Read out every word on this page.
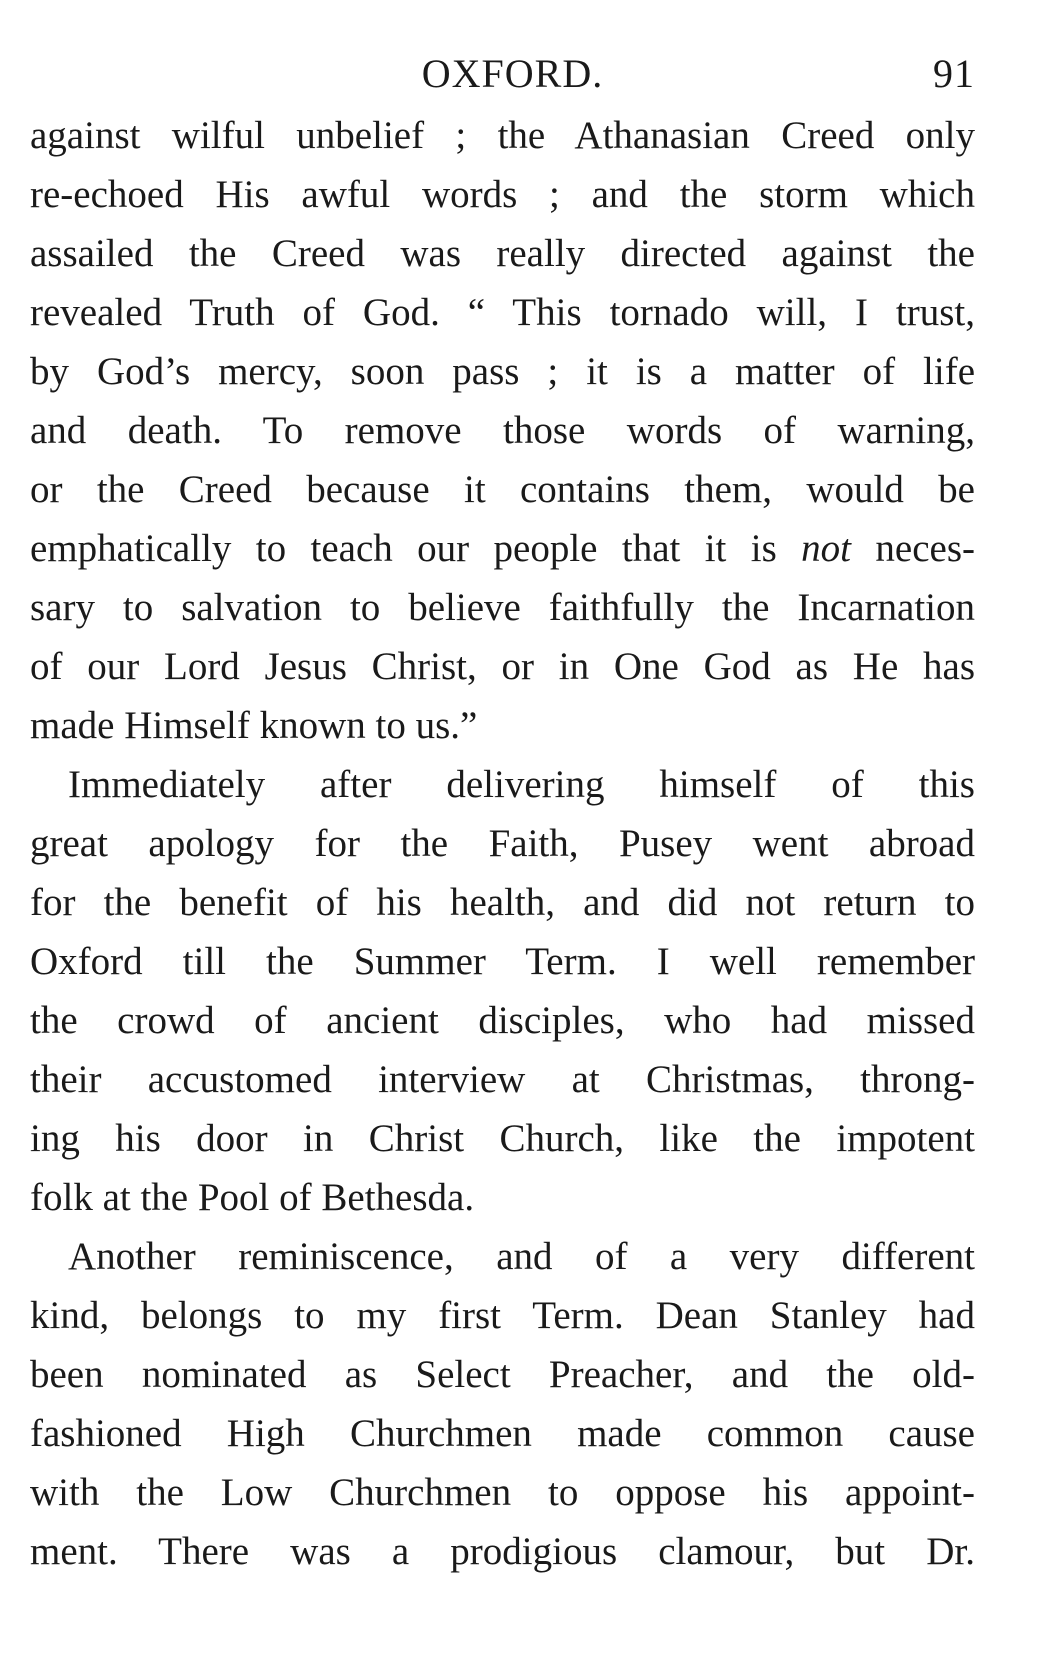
OXFORD.	91
against wilful unbelief ; the Athanasian Creed only
re-echoed His awful words ; and the storm which
assailed the Creed was really directed against the
revealed Truth of God. “ This tornado will, I trust,
by God’s mercy, soon pass ; it is a matter of life
and death. To remove those words of warning,
or the Creed because it contains them, would be
emphatically to teach our people that it is not neces-
sary to salvation to believe faithfully the Incarnation
of our Lord Jesus Christ, or in One God as He has
made Himself known to us.”
Immediately after delivering himself of this
great apology for the Faith, Pusey went abroad
for the benefit of his health, and did not return to
Oxford till the Summer Term. I well remember
the crowd of ancient disciples, who had missed
their accustomed interview at Christmas, throng-
ing his door in Christ Church, like the impotent
folk at the Pool of Bethesda.
Another reminiscence, and of a very different
kind, belongs to my first Term. Dean Stanley had
been nominated as Select Preacher, and the old-
fashioned High Churchmen made common cause
with the Low Churchmen to oppose his appoint-
ment. There was a prodigious clamour, but Dr.
